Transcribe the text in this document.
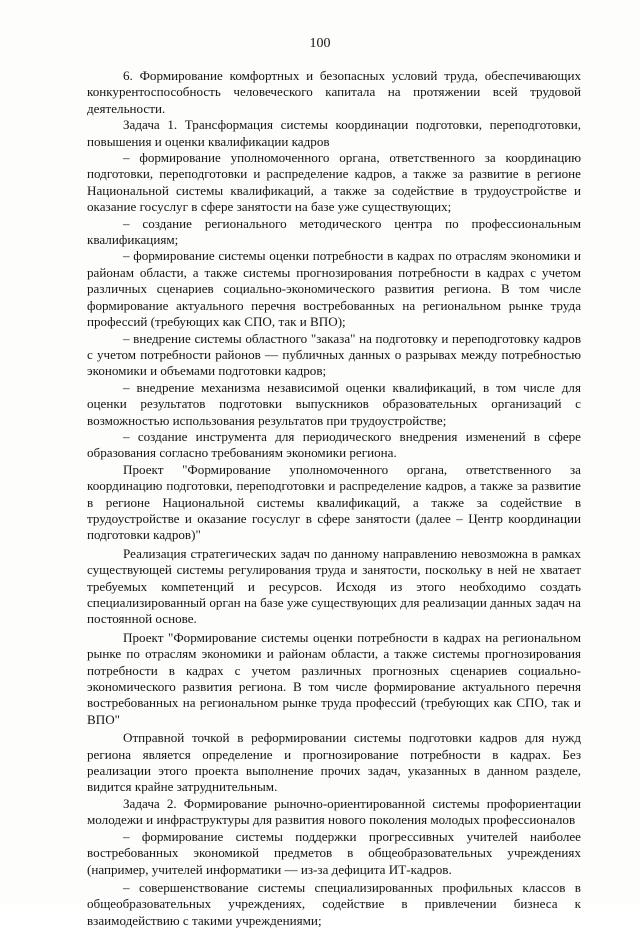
100

6. Формирование комфортных и безопасных условий труда, обеспечивающих конкурентоспособность человеческого капитала на протяжении всей трудовой деятельности.

Задача 1. Трансформация системы координации подготовки, переподготовки, повышения и оценки квалификации кадров

– формирование уполномоченного органа, ответственного за координацию подготовки, переподготовки и распределение кадров, а также за развитие в регионе Национальной системы квалификаций, а также за содействие в трудоустройстве и оказание госуслуг в сфере занятости на базе уже существующих;

– создание регионального методического центра по профессиональным квалификациям;

– формирование системы оценки потребности в кадрах по отраслям экономики и районам области, а также системы прогнозирования потребности в кадрах с учетом различных сценариев социально-экономического развития региона. В том числе формирование актуального перечня востребованных на региональном рынке труда профессий (требующих как СПО, так и ВПО);

– внедрение системы областного "заказа" на подготовку и переподготовку кадров с учетом потребности районов — публичных данных о разрывах между потребностью экономики и объемами подготовки кадров;

– внедрение механизма независимой оценки квалификаций, в том числе для оценки результатов подготовки выпускников образовательных организаций с возможностью использования результатов при трудоустройстве;

– создание инструмента для периодического внедрения изменений в сфере образования согласно требованиям экономики региона.

Проект "Формирование уполномоченного органа, ответственного за координацию подготовки, переподготовки и распределение кадров, а также за развитие в регионе Национальной системы квалификаций, а также за содействие в трудоустройстве и оказание госуслуг в сфере занятости (далее – Центр координации подготовки кадров)"

Реализация стратегических задач по данному направлению невозможна в рамках существующей системы регулирования труда и занятости, поскольку в ней не хватает требуемых компетенций и ресурсов. Исходя из этого необходимо создать специализированный орган на базе уже существующих для реализации данных задач на постоянной основе.

Проект "Формирование системы оценки потребности в кадрах на региональном рынке по отраслям экономики и районам области, а также системы прогнозирования потребности в кадрах с учетом различных прогнозных сценариев социально-экономического развития региона. В том числе формирование актуального перечня востребованных на региональном рынке труда профессий (требующих как СПО, так и ВПО"

Отправной точкой в реформировании системы подготовки кадров для нужд региона является определение и прогнозирование потребности в кадрах. Без реализации этого проекта выполнение прочих задач, указанных в данном разделе, видится крайне затруднительным.

Задача 2. Формирование рыночно-ориентированной системы профориентации молодежи и инфраструктуры для развития нового поколения молодых профессионалов

– формирование системы поддержки прогрессивных учителей наиболее востребованных экономикой предметов в общеобразовательных учреждениях (например, учителей информатики — из-за дефицита ИТ-кадров.

– совершенствование системы специализированных профильных классов в общеобразовательных учреждениях, содействие в привлечении бизнеса к взаимодействию с такими учреждениями;
